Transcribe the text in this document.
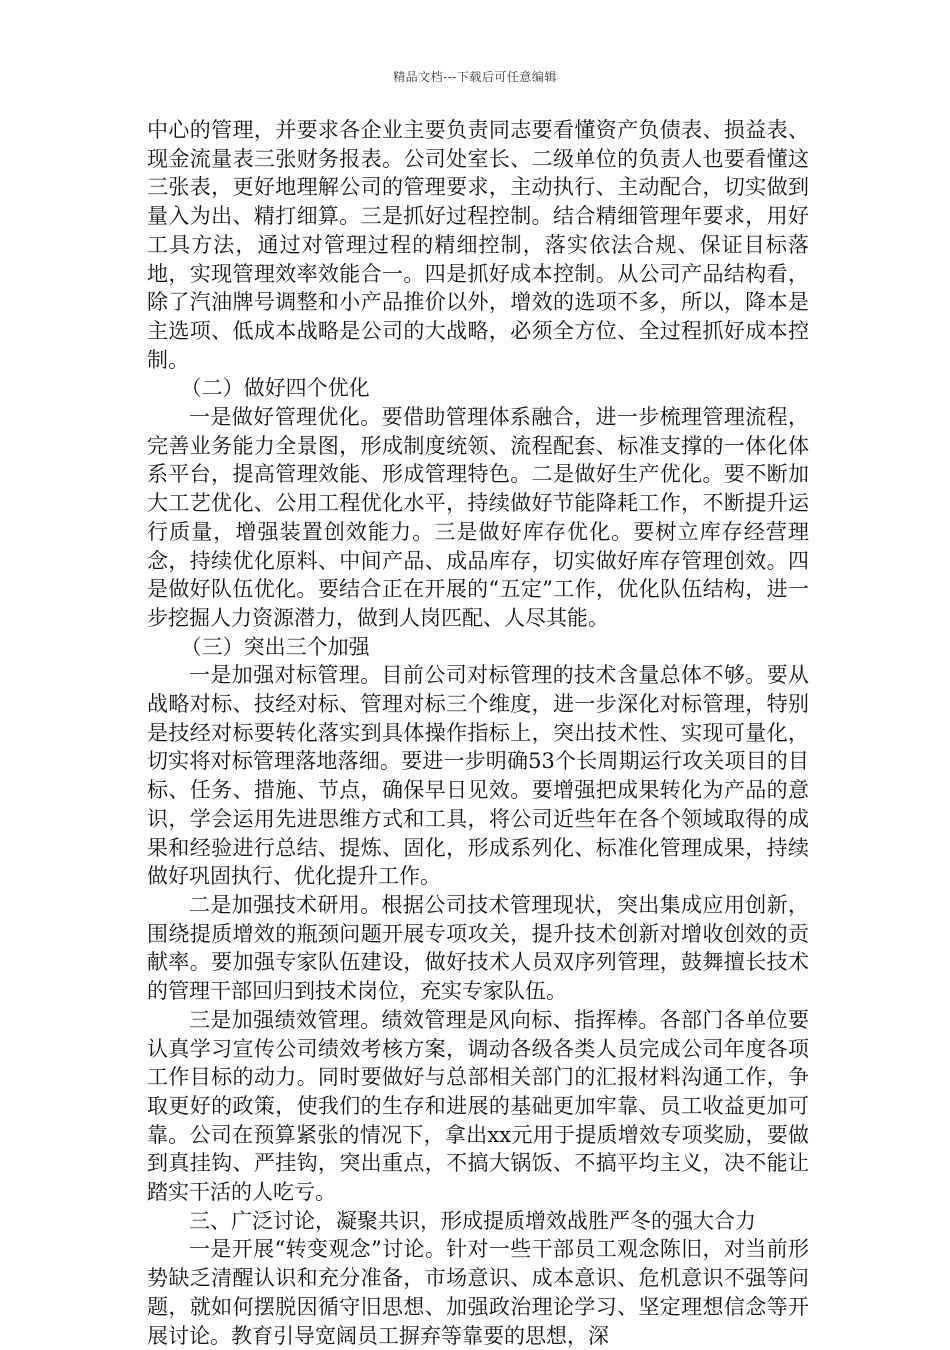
精品文档---下载后可任意编辑

中心的管理，并要求各企业主要负责同志要看懂资产负债表、损益表、现金流量表三张财务报表。公司处室长、二级单位的负责人也要看懂这三张表，更好地理解公司的管理要求，主动执行、主动配合，切实做到量入为出、精打细算。三是抓好过程控制。结合精细管理年要求，用好工具方法，通过对管理过程的精细控制，落实依法合规、保证目标落地，实现管理效率效能合一。四是抓好成本控制。从公司产品结构看，除了汽油牌号调整和小产品推价以外，增效的选项不多，所以，降本是主选项、低成本战略是公司的大战略，必须全方位、全过程抓好成本控制。

（二）做好四个优化

一是做好管理优化。要借助管理体系融合，进一步梳理管理流程，完善业务能力全景图，形成制度统领、流程配套、标准支撑的一体化体系平台，提高管理效能、形成管理特色。二是做好生产优化。要不断加大工艺优化、公用工程优化水平，持续做好节能降耗工作，不断提升运行质量，增强装置创效能力。三是做好库存优化。要树立库存经营理念，持续优化原料、中间产品、成品库存，切实做好库存管理创效。四是做好队伍优化。要结合正在开展的“五定”工作，优化队伍结构，进一步挖掘人力资源潜力，做到人岗匹配、人尽其能。

（三）突出三个加强

一是加强对标管理。目前公司对标管理的技术含量总体不够。要从战略对标、技经对标、管理对标三个维度，进一步深化对标管理，特别是技经对标要转化落实到具体操作指标上，突出技术性、实现可量化，切实将对标管理落地落细。要进一步明确53个长周期运行攻关项目的目标、任务、措施、节点，确保早日见效。要增强把成果转化为产品的意识，学会运用先进思维方式和工具，将公司近些年在各个领域取得的成果和经验进行总结、提炼、固化，形成系列化、标准化管理成果，持续做好巩固执行、优化提升工作。

二是加强技术研用。根据公司技术管理现状，突出集成应用创新，围绕提质增效的瓶颈问题开展专项攻关，提升技术创新对增收创效的贡献率。要加强专家队伍建设，做好技术人员双序列管理，鼓舞擅长技术的管理干部回归到技术岗位，充实专家队伍。

三是加强绩效管理。绩效管理是风向标、指挥棒。各部门各单位要认真学习宣传公司绩效考核方案，调动各级各类人员完成公司年度各项工作目标的动力。同时要做好与总部相关部门的汇报材料沟通工作，争取更好的政策，使我们的生存和进展的基础更加牢靠、员工收益更加可靠。公司在预算紧张的情况下，拿出xx元用于提质增效专项奖励，要做到真挂钩、严挂钩，突出重点，不搞大锅饭、不搞平均主义，决不能让踏实干活的人吃亏。

三、广泛讨论，凝聚共识，形成提质增效战胜严冬的强大合力

一是开展“转变观念”讨论。针对一些干部员工观念陈旧，对当前形势缺乏清醒认识和充分准备，市场意识、成本意识、危机意识不强等问题，就如何摆脱因循守旧思想、加强政治理论学习、坚定理想信念等开展讨论。教育引导宽阔员工摒弃等靠要的思想，深
